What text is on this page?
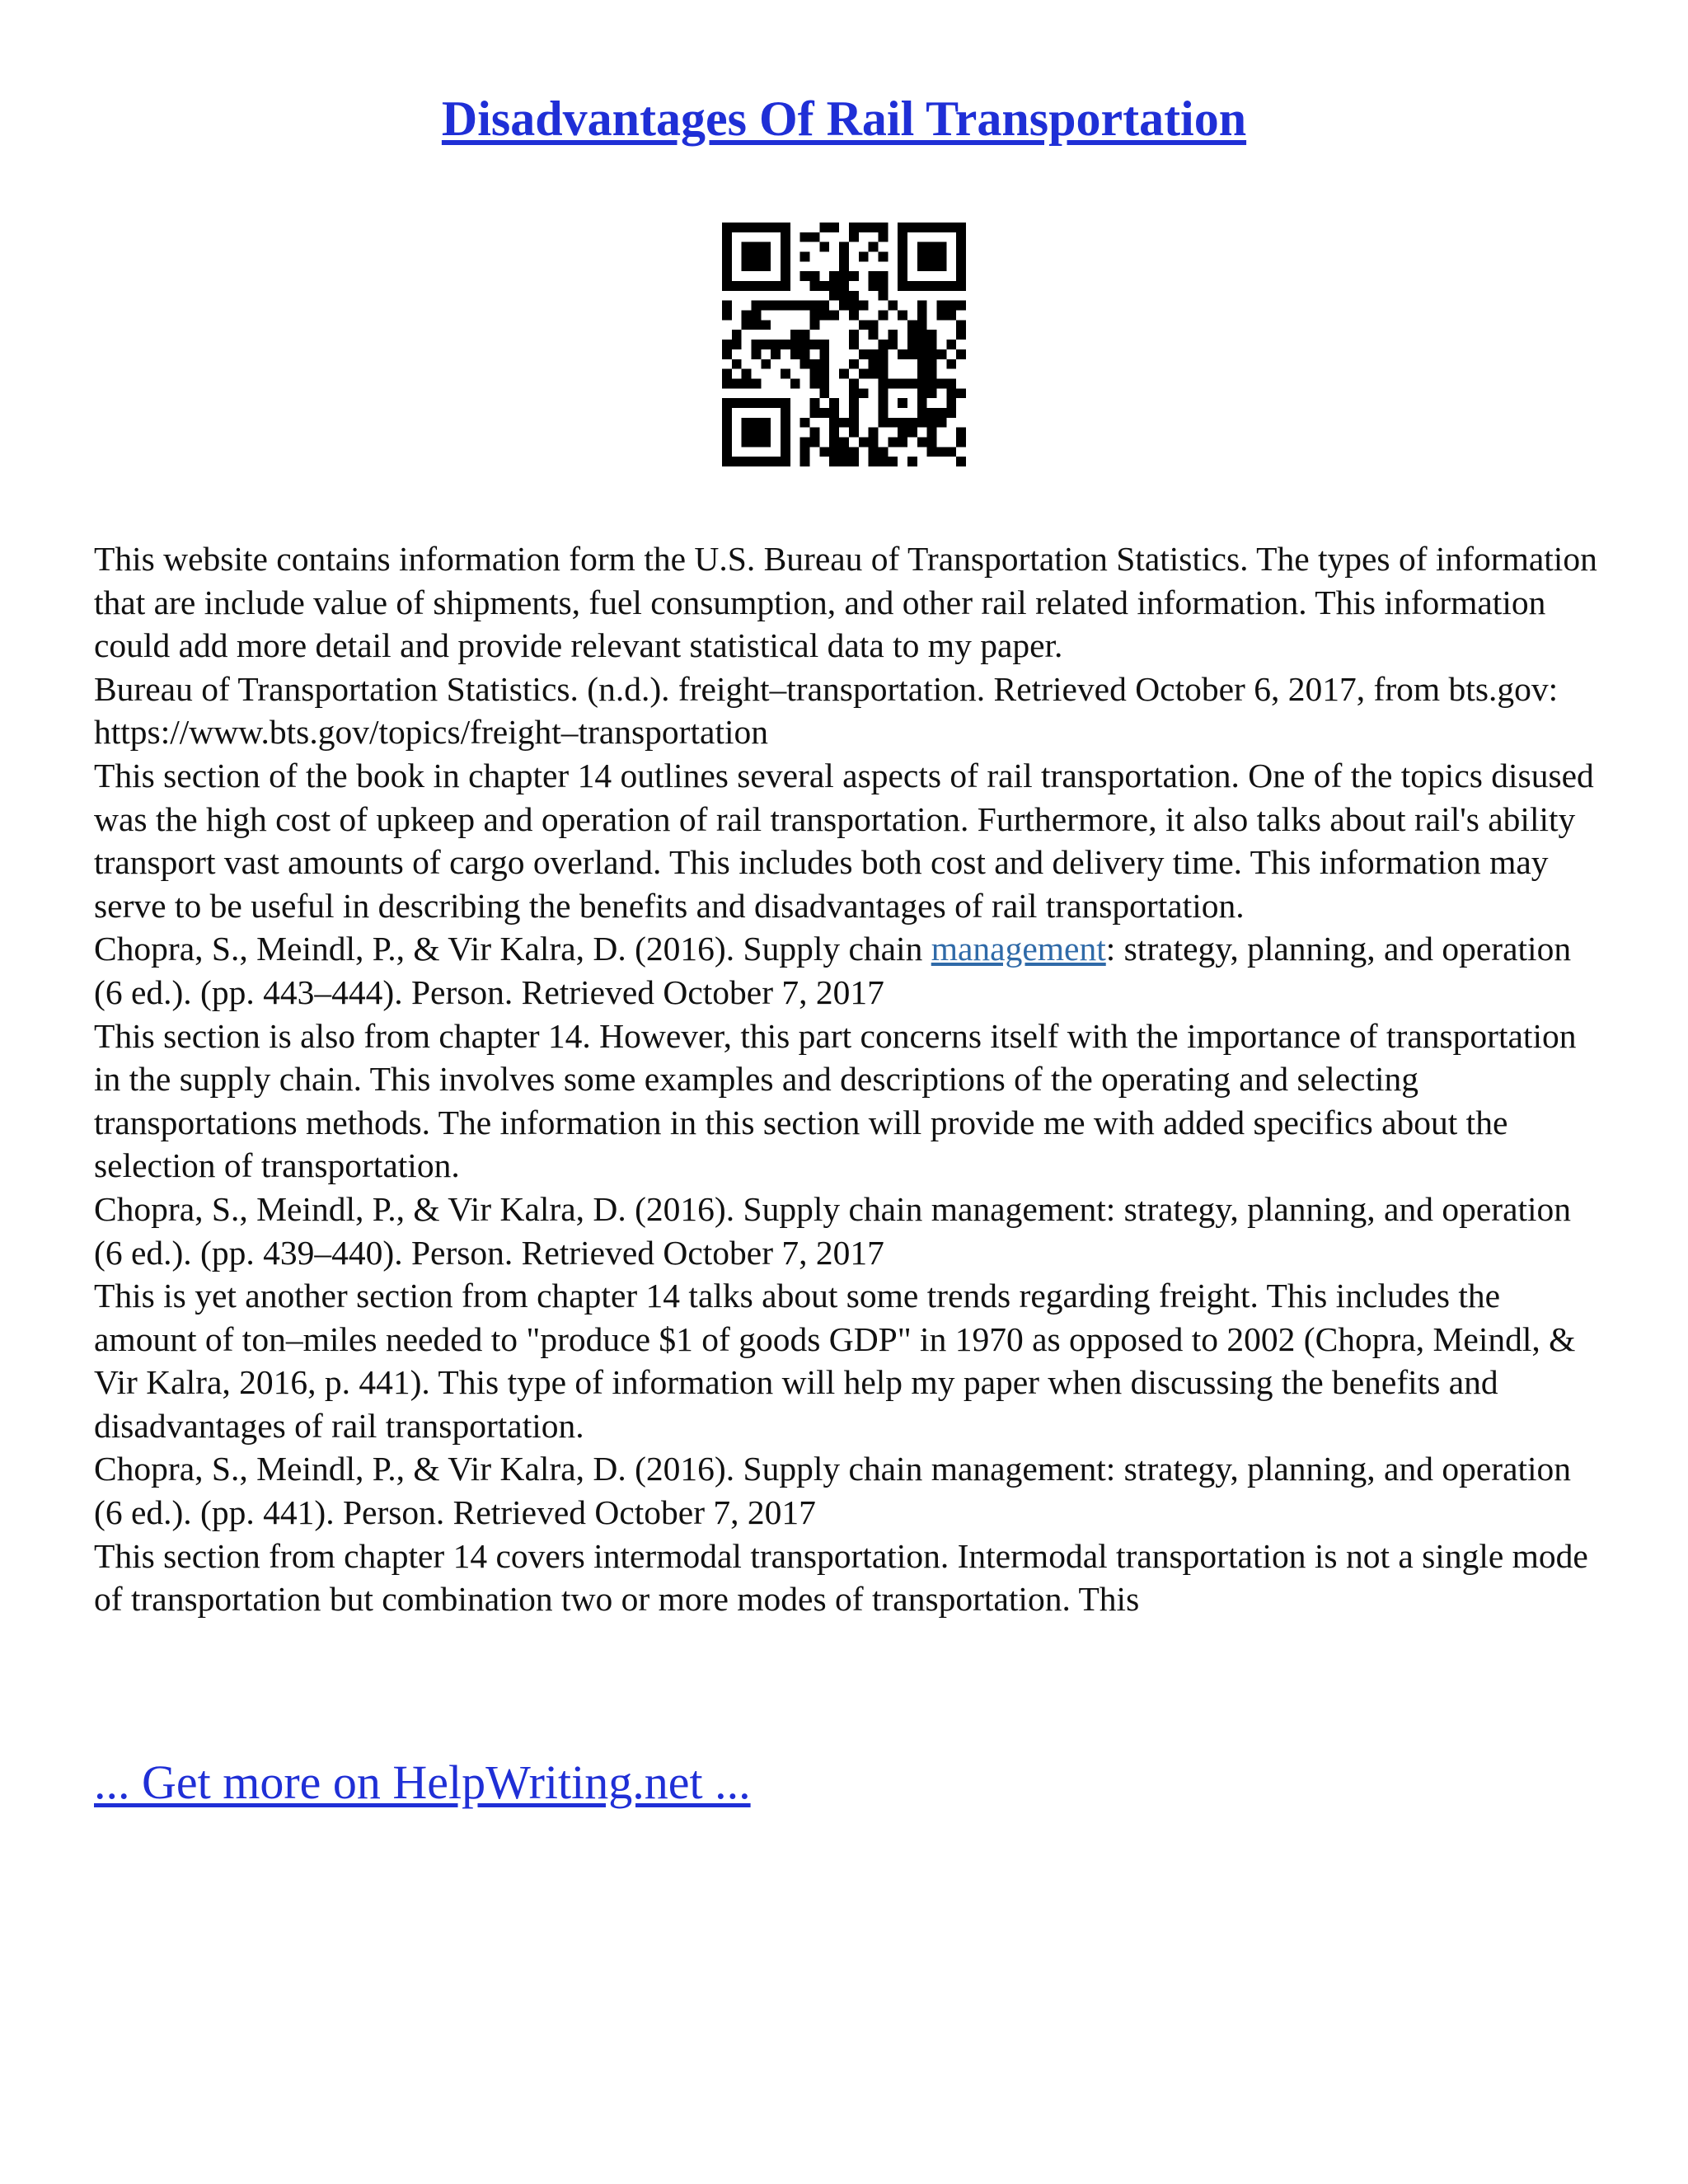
Disadvantages Of Rail Transportation

This website contains information form the U.S. Bureau of Transportation Statistics. The types of information that are include value of shipments, fuel consumption, and other rail related information. This information could add more detail and provide relevant statistical data to my paper.

Bureau of Transportation Statistics. (n.d.). freight–transportation. Retrieved October 6, 2017, from bts.gov: https://www.bts.gov/topics/freight–transportation

This section of the book in chapter 14 outlines several aspects of rail transportation. One of the topics disused was the high cost of upkeep and operation of rail transportation. Furthermore, it also talks about rail's ability transport vast amounts of cargo overland. This includes both cost and delivery time. This information may serve to be useful in describing the benefits and disadvantages of rail transportation.

Chopra, S., Meindl, P., & Vir Kalra, D. (2016). Supply chain management: strategy, planning, and operation (6 ed.). (pp. 443–444). Person. Retrieved October 7, 2017

This section is also from chapter 14. However, this part concerns itself with the importance of transportation in the supply chain. This involves some examples and descriptions of the operating and selecting transportations methods. The information in this section will provide me with added specifics about the selection of transportation.

Chopra, S., Meindl, P., & Vir Kalra, D. (2016). Supply chain management: strategy, planning, and operation (6 ed.). (pp. 439–440). Person. Retrieved October 7, 2017

This is yet another section from chapter 14 talks about some trends regarding freight. This includes the amount of ton–miles needed to "produce $1 of goods GDP" in 1970 as opposed to 2002 (Chopra, Meindl, & Vir Kalra, 2016, p. 441). This type of information will help my paper when discussing the benefits and disadvantages of rail transportation.

Chopra, S., Meindl, P., & Vir Kalra, D. (2016). Supply chain management: strategy, planning, and operation (6 ed.). (pp. 441). Person. Retrieved October 7, 2017

This section from chapter 14 covers intermodal transportation. Intermodal transportation is not a single mode of transportation but combination two or more modes of transportation. This

... Get more on HelpWriting.net ...
